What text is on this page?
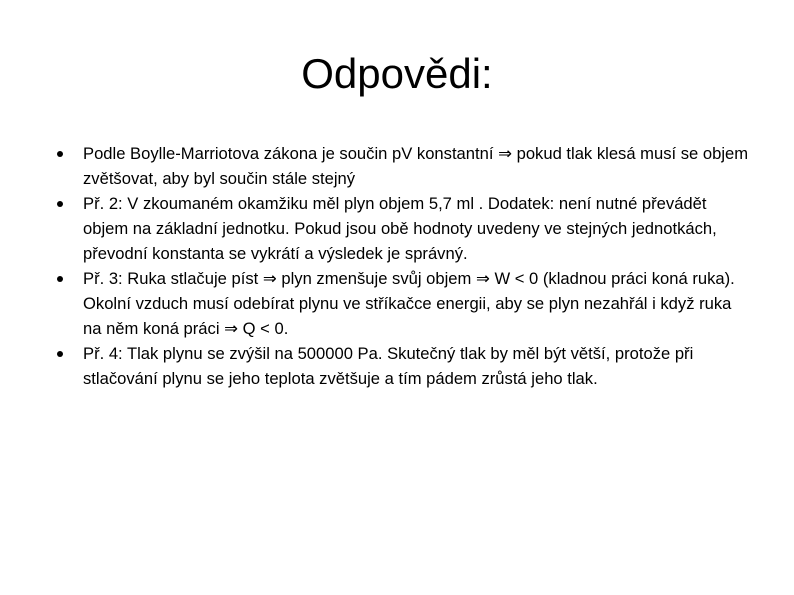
Odpovědi:
Podle Boylle-Marriotova zákona je součin pV konstantní ⇒ pokud tlak klesá musí se objem zvětšovat, aby byl součin stále stejný
Př. 2: V zkoumaném okamžiku měl plyn objem 5,7 ml . Dodatek: není nutné převádět objem na základní jednotku. Pokud jsou obě hodnoty uvedeny ve stejných jednotkách, převodní konstanta se vykrátí a výsledek je správný.
Př. 3: Ruka stlačuje píst ⇒ plyn zmenšuje svůj objem ⇒ W < 0 (kladnou práci koná ruka). Okolní vzduch musí odebírat plynu ve stříkačce energii, aby se plyn nezahřál i když ruka na něm koná práci ⇒ Q < 0.
Př. 4: Tlak plynu se zvýšil na 500000 Pa. Skutečný tlak by měl být větší, protože při stlačování plynu se jeho teplota zvětšuje a tím pádem zrůstá jeho tlak.
